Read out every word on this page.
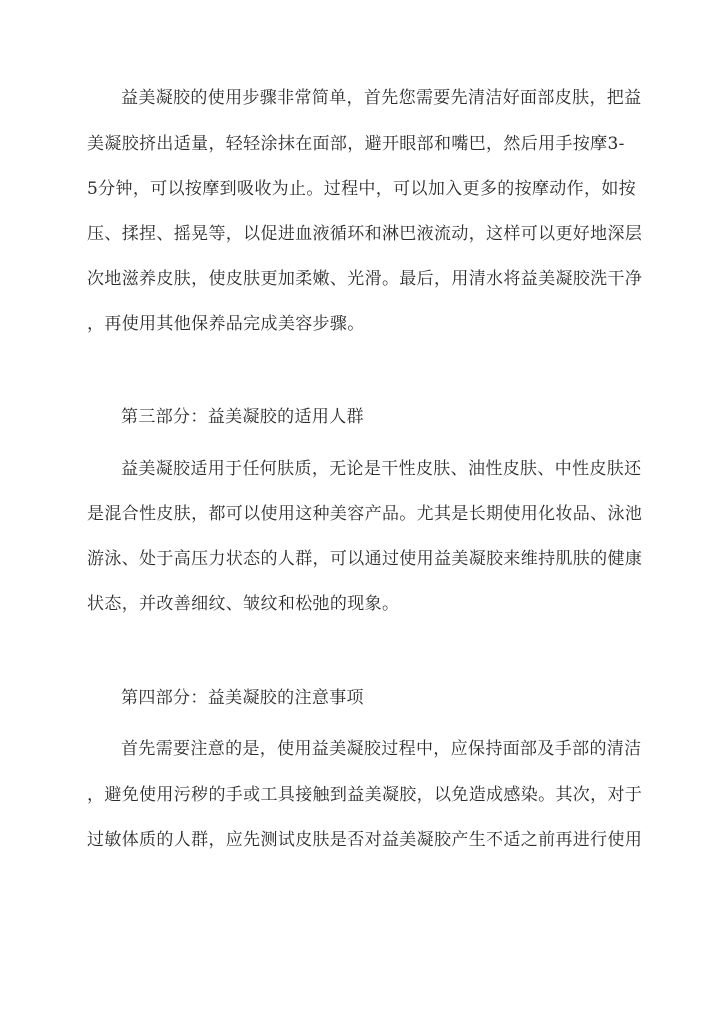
益美凝胶的使用步骤非常简单，首先您需要先清洁好面部皮肤，把益

美凝胶挤出适量，轻轻涂抹在面部，避开眼部和嘴巴，然后用手按摩3-

5分钟，可以按摩到吸收为止。过程中，可以加入更多的按摩动作，如按

压、揉捏、摇晃等，以促进血液循环和淋巴液流动，这样可以更好地深层

次地滋养皮肤，使皮肤更加柔嫩、光滑。最后，用清水将益美凝胶洗干净

，再使用其他保养品完成美容步骤。

第三部分：益美凝胶的适用人群

益美凝胶适用于任何肤质，无论是干性皮肤、油性皮肤、中性皮肤还

是混合性皮肤，都可以使用这种美容产品。尤其是长期使用化妆品、泳池

游泳、处于高压力状态的人群，可以通过使用益美凝胶来维持肌肤的健康

状态，并改善细纹、皱纹和松弛的现象。

第四部分：益美凝胶的注意事项

首先需要注意的是，使用益美凝胶过程中，应保持面部及手部的清洁

，避免使用污秽的手或工具接触到益美凝胶，以免造成感染。其次，对于

过敏体质的人群，应先测试皮肤是否对益美凝胶产生不适之前再进行使用
